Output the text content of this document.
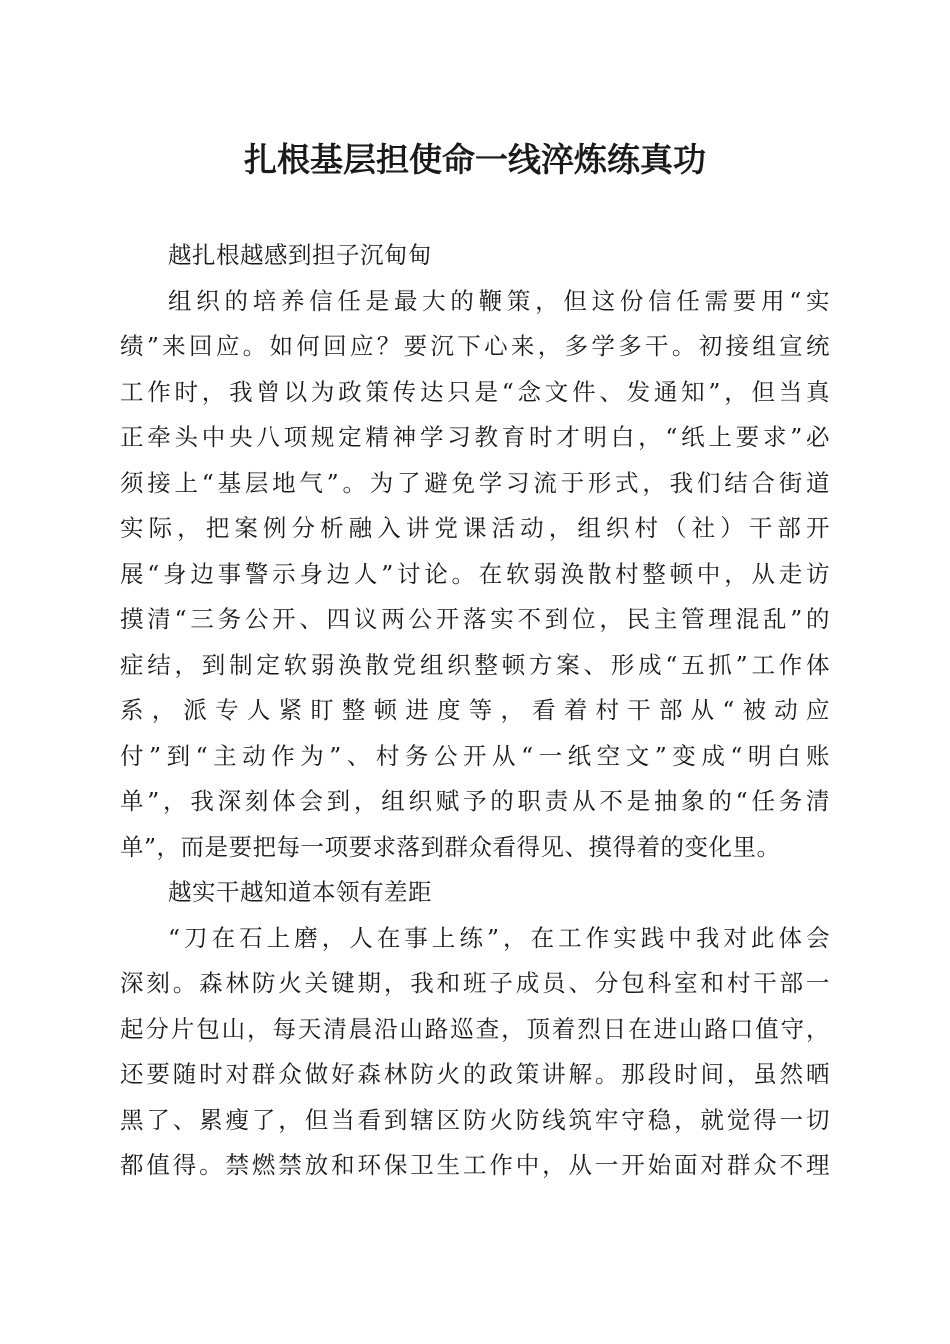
扎根基层担使命一线淬炼练真功
越扎根越感到担子沉甸甸
组织的培养信任是最大的鞭策，但这份信任需要用“实
绩”来回应。如何回应？要沉下心来，多学多干。初接组宣统
工作时，我曾以为政策传达只是“念文件、发通知”，但当真
正牵头中央八项规定精神学习教育时才明白，“纸上要求”必
须接上“基层地气”。为了避免学习流于形式，我们结合街道
实际，把案例分析融入讲党课活动，组织村（社）干部开
展“身边事警示身边人”讨论。在软弱涣散村整顿中，从走访
摸清“三务公开、四议两公开落实不到位，民主管理混乱”的
症结，到制定软弱涣散党组织整顿方案、形成“五抓”工作体
系，派专人紧盯整顿进度等，看着村干部从“被动应
付”到“主动作为”、村务公开从“一纸空文”变成“明白账
单”，我深刻体会到，组织赋予的职责从不是抽象的“任务清
单”，而是要把每一项要求落到群众看得见、摸得着的变化里。
越实干越知道本领有差距
“刀在石上磨，人在事上练”，在工作实践中我对此体会
深刻。森林防火关键期，我和班子成员、分包科室和村干部一
起分片包山，每天清晨沿山路巡查，顶着烈日在进山路口值守，
还要随时对群众做好森林防火的政策讲解。那段时间，虽然晒
黑了、累瘦了，但当看到辖区防火防线筑牢守稳，就觉得一切
都值得。禁燃禁放和环保卫生工作中，从一开始面对群众不理
